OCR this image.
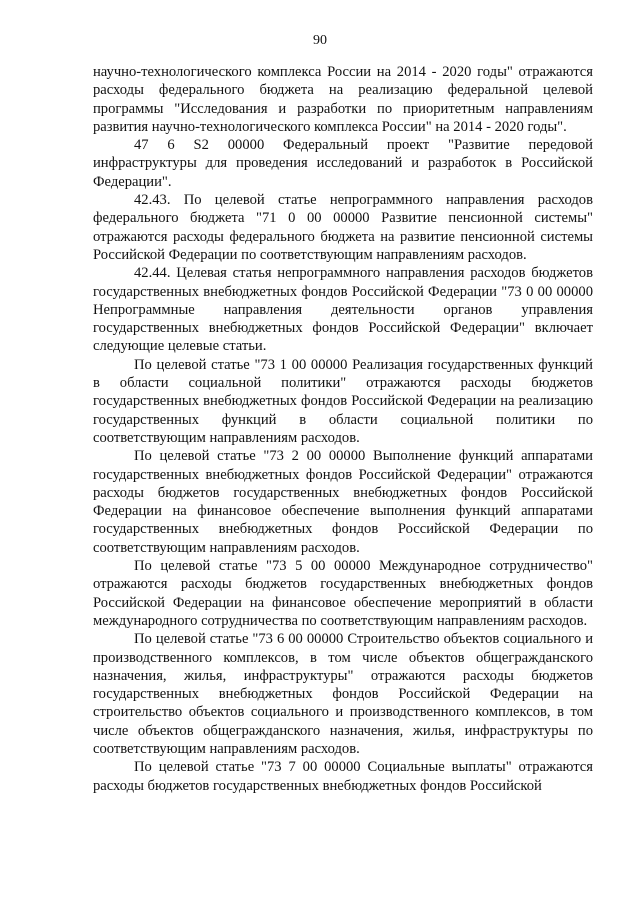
90

научно-технологического комплекса России на 2014 - 2020 годы" отражаются расходы федерального бюджета на реализацию федеральной целевой программы "Исследования и разработки по приоритетным направлениям развития научно-технологического комплекса России" на 2014 - 2020 годы".

47 6 S2 00000 Федеральный проект "Развитие передовой инфраструктуры для проведения исследований и разработок в Российской Федерации".

42.43. По целевой статье непрограммного направления расходов федерального бюджета "71 0 00 00000 Развитие пенсионной системы" отражаются расходы федерального бюджета на развитие пенсионной системы Российской Федерации по соответствующим направлениям расходов.

42.44. Целевая статья непрограммного направления расходов бюджетов государственных внебюджетных фондов Российской Федерации "73 0 00 00000 Непрограммные направления деятельности органов управления государственных внебюджетных фондов Российской Федерации" включает следующие целевые статьи.

По целевой статье "73 1 00 00000 Реализация государственных функций в области социальной политики" отражаются расходы бюджетов государственных внебюджетных фондов Российской Федерации на реализацию государственных функций в области социальной политики по соответствующим направлениям расходов.

По целевой статье "73 2 00 00000 Выполнение функций аппаратами государственных внебюджетных фондов Российской Федерации" отражаются расходы бюджетов государственных внебюджетных фондов Российской Федерации на финансовое обеспечение выполнения функций аппаратами государственных внебюджетных фондов Российской Федерации по соответствующим направлениям расходов.

По целевой статье "73 5 00 00000 Международное сотрудничество" отражаются расходы бюджетов государственных внебюджетных фондов Российской Федерации на финансовое обеспечение мероприятий в области международного сотрудничества по соответствующим направлениям расходов.

По целевой статье "73 6 00 00000 Строительство объектов социального и производственного комплексов, в том числе объектов общегражданского назначения, жилья, инфраструктуры" отражаются расходы бюджетов государственных внебюджетных фондов Российской Федерации на строительство объектов социального и производственного комплексов, в том числе объектов общегражданского назначения, жилья, инфраструктуры по соответствующим направлениям расходов.

По целевой статье "73 7 00 00000 Социальные выплаты" отражаются расходы бюджетов государственных внебюджетных фондов Российской
